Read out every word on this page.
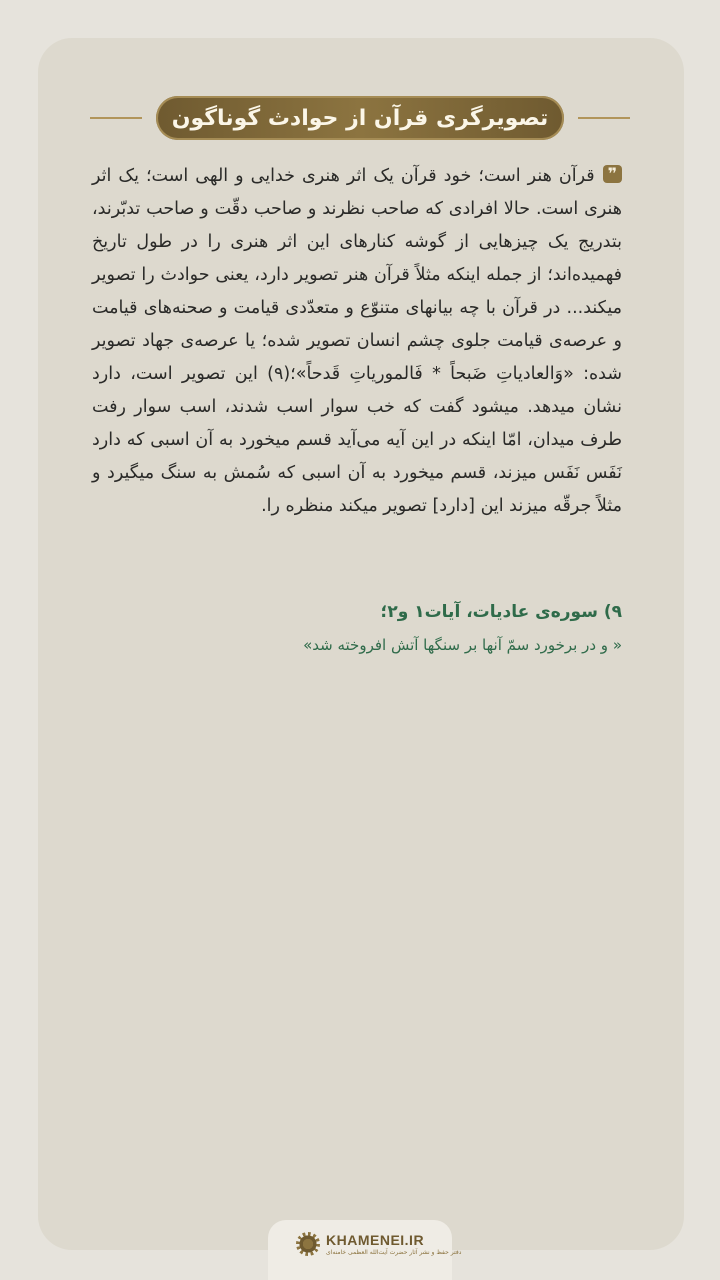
تصویرگری قرآن از حوادث گوناگون
❞قرآن هنر است؛ خود قرآن یک اثر هنری خدایی و الهی است؛ یک اثر هنری است. حالا افرادی که صاحب نظرند و صاحب دقّت و صاحب تدبّرند، بتدریج یک چیزهایی از گوشه کنارهای این اثر هنری را در طول تاریخ فهمیده‌اند؛ از جمله اینکه مثلاً قرآن هنر تصویر دارد، یعنی حوادث را تصویر میکند... در قرآن با چه بیانهای متنوّع و متعدّدی قیامت و صحنه‌های قیامت و عرصه‌ی قیامت جلوی چشم انسان تصویر شده؛ یا عرصه‌ی جهاد تصویر شده: «وَالعادیاتِ ضَبحاً * فَالموریاتِ قَدحاً»؛(۹) این تصویر است، دارد نشان میدهد. میشود گفت که خب سوار اسب شدند، اسب سوار رفت طرف میدان، امّا اینکه در این آیه می‌آید قسم میخورد به آن اسبی که دارد نَفَس نَفَس میزند، قسم میخورد به آن اسبی که سُمش به سنگ میگیرد و مثلاً جرقّه میزند این [دارد] تصویر میکند منظره را.
۹) سوره‌ی عادیات، آیات۱ و۲؛
« و در برخورد سمّ آنها بر سنگها آتش افروخته شد»
KHAMENEI.IR
دفتر حفظ و نشر آثار حضرت آیت‌الله العظمی خامنه‌ای
